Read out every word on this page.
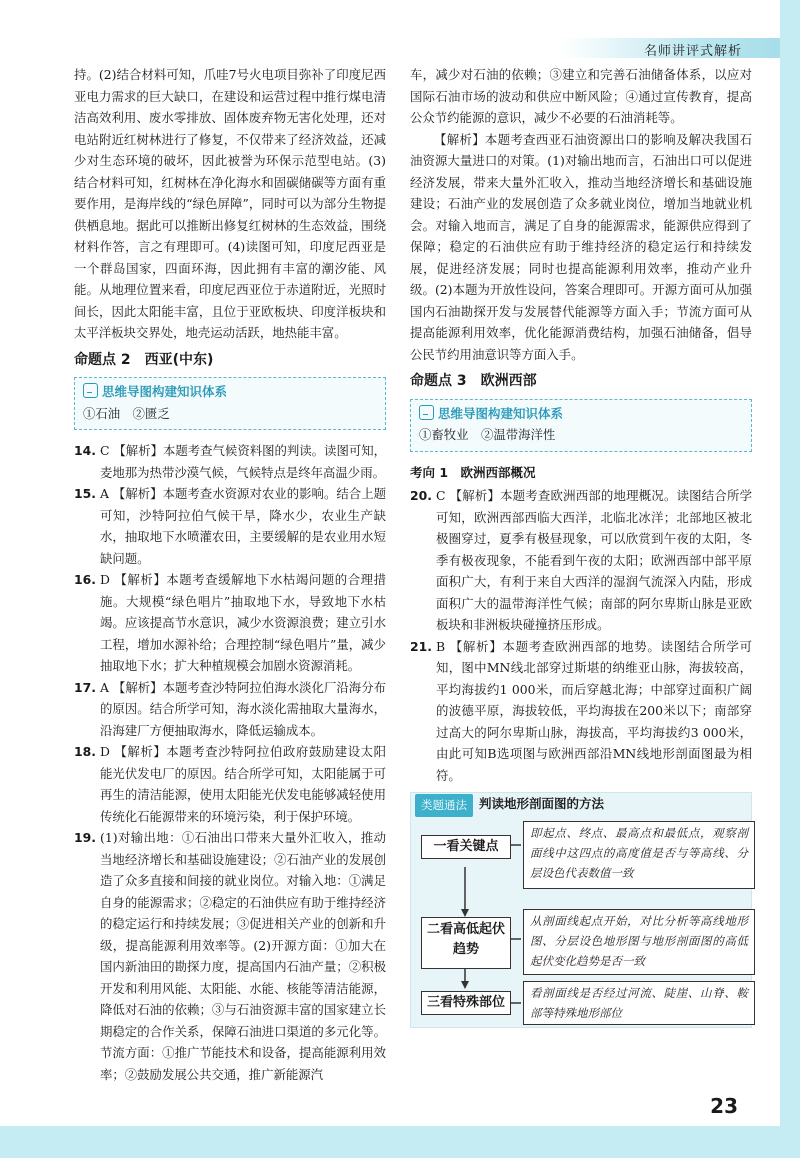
名师讲评式解析

持。(2)结合材料可知，爪哇7号火电项目弥补了印度尼西亚电力需求的巨大缺口，在建设和运营过程中推行煤电清洁高效利用、废水零排放、固体废弃物无害化处理，还对电站附近红树林进行了修复，不仅带来了经济效益，还减少对生态环境的破坏，因此被誉为环保示范型电站。(3)结合材料可知，红树林在净化海水和固碳储碳等方面有重要作用，是海岸线的“绿色屏障”，同时可以为部分生物提供栖息地。据此可以推断出修复红树林的生态效益，围绕材料作答，言之有理即可。(4)读图可知，印度尼西亚是一个群岛国家，四面环海，因此拥有丰富的潮汐能、风能。从地理位置来看，印度尼西亚位于赤道附近，光照时间长，因此太阳能丰富，且位于亚欧板块、印度洋板块和太平洋板块交界处，地壳运动活跃，地热能丰富。

命题点 2　西亚(中东)
思维导图构建知识体系
①石油　②匮乏
14. C 【解析】本题考查气候资料图的判读。读图可知，麦地那为热带沙漠气候，气候特点是终年高温少雨。
15. A 【解析】本题考查水资源对农业的影响。结合上题可知，沙特阿拉伯气候干旱，降水少，农业生产缺水，抽取地下水喷灌农田，主要缓解的是农业用水短缺问题。
16. D 【解析】本题考查缓解地下水枯竭问题的合理措施。大规模“绿色唱片”抽取地下水，导致地下水枯竭。应该提高节水意识，减少水资源浪费；建立引水工程，增加水源补给；合理控制“绿色唱片”量，减少抽取地下水；扩大种植规模会加剧水资源消耗。
17. A 【解析】本题考查沙特阿拉伯海水淡化厂沿海分布的原因。结合所学可知，海水淡化需抽取大量海水，沿海建厂方便抽取海水，降低运输成本。
18. D 【解析】本题考查沙特阿拉伯政府鼓励建设太阳能光伏发电厂的原因。结合所学可知，太阳能属于可再生的清洁能源，使用太阳能光伏发电能够减轻使用传统化石能源带来的环境污染，利于保护环境。
19. (1)对输出地：①石油出口带来大量外汇收入，推动当地经济增长和基础设施建设；②石油产业的发展创造了众多直接和间接的就业岗位。对输入地：①满足自身的能源需求；②稳定的石油供应有助于维持经济的稳定运行和持续发展；③促进相关产业的创新和升级，提高能源利用效率等。(2)开源方面：①加大在国内新油田的勘探力度，提高国内石油产量；②积极开发和利用风能、太阳能、水能、核能等清洁能源，降低对石油的依赖；③与石油资源丰富的国家建立长期稳定的合作关系，保障石油进口渠道的多元化等。节流方面：①推广节能技术和设备，提高能源利用效率；②鼓励发展公共交通，推广新能源汽

车，减少对石油的依赖；③建立和完善石油储备体系，以应对国际石油市场的波动和供应中断风险；④通过宣传教育，提高公众节约能源的意识，减少不必要的石油消耗等。

【解析】本题考查西亚石油资源出口的影响及解决我国石油资源大量进口的对策。(1)对输出地而言，石油出口可以促进经济发展，带来大量外汇收入，推动当地经济增长和基础设施建设；石油产业的发展创造了众多就业岗位，增加当地就业机会。对输入地而言，满足了自身的能源需求，能源供应得到了保障；稳定的石油供应有助于维持经济的稳定运行和持续发展，促进经济发展；同时也提高能源利用效率，推动产业升级。(2)本题为开放性设问，答案合理即可。开源方面可从加强国内石油勘探开发与发展替代能源等方面入手；节流方面可从提高能源利用效率，优化能源消费结构，加强石油储备，倡导公民节约用油意识等方面入手。

命题点 3　欧洲西部
思维导图构建知识体系
①畜牧业　②温带海洋性
考向 1　欧洲西部概况
20. C 【解析】本题考查欧洲西部的地理概况。读图结合所学可知，欧洲西部西临大西洋，北临北冰洋；北部地区被北极圈穿过，夏季有极昼现象，可以欣赏到午夜的太阳，冬季有极夜现象，不能看到午夜的太阳；欧洲西部中部平原面积广大，有利于来自大西洋的湿润气流深入内陆，形成面积广大的温带海洋性气候；南部的阿尔卑斯山脉是亚欧板块和非洲板块碰撞挤压形成。
21. B 【解析】本题考查欧洲西部的地势。读图结合所学可知，图中MN线北部穿过斯堪的纳维亚山脉，海拔较高，平均海拔约1 000米，而后穿越北海；中部穿过面积广阔的波德平原，海拔较低，平均海拔在200米以下；南部穿过高大的阿尔卑斯山脉，海拔高，平均海拔约3 000米，由此可知B选项图与欧洲西部沿MN线地形剖面图最为相符。
类题通法 判读地形剖面图的方法
一看关键点
即起点、终点、最高点和最低点，观察剖面线中这四点的高度值是否与等高线、分层设色代表数值一致
二看高低起伏趋势
从剖面线起点开始，对比分析等高线地形图、分层设色地形图与地形剖面图的高低起伏变化趋势是否一致
三看特殊部位
看剖面线是否经过河流、陡崖、山脊、鞍部等特殊地形部位
23
